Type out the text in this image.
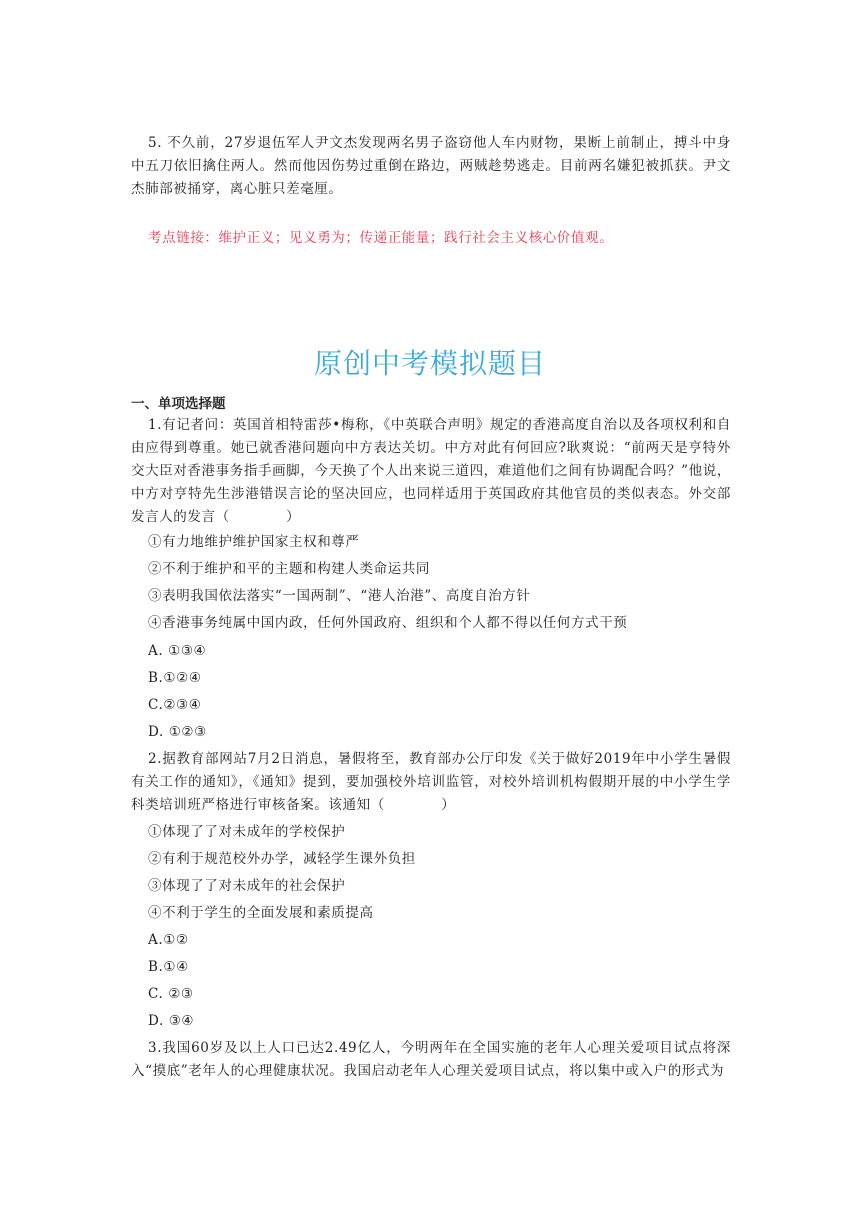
5. 不久前，27岁退伍军人尹文杰发现两名男子盗窃他人车内财物，果断上前制止，搏斗中身中五刀依旧擒住两人。然而他因伤势过重倒在路边，两贼趁势逃走。目前两名嫌犯被抓获。尹文杰肺部被捅穿，离心脏只差毫厘。
考点链接：维护正义；见义勇为；传递正能量；践行社会主义核心价值观。
原创中考模拟题目
一、单项选择题
1.有记者问：英国首相特雷莎•梅称，《中英联合声明》规定的香港高度自治以及各项权利和自由应得到尊重。她已就香港问题向中方表达关切。中方对此有何回应?耿爽说：“前两天是亨特外交大臣对香港事务指手画脚，今天换了个人出来说三道四，难道他们之间有协调配合吗？”他说，中方对亨特先生涉港错误言论的坚决回应，也同样适用于英国政府其他官员的类似表态。外交部发言人的发言（　　　　）
①有力地维护维护国家主权和尊严
②不利于维护和平的主题和构建人类命运共同
③表明我国依法落实“一国两制”、“港人治港”、高度自治方针
④香港事务纯属中国内政，任何外国政府、组织和个人都不得以任何方式干预
A. ①③④
B.①②④
C.②③④
D. ①②③
2.据教育部网站7月2日消息，暑假将至，教育部办公厅印发《关于做好2019年中小学生暑假有关工作的通知》，《通知》提到，要加强校外培训监管，对校外培训机构假期开展的中小学生学科类培训班严格进行审核备案。该通知（　　　　）
①体现了了对未成年的学校保护
②有利于规范校外办学，减轻学生课外负担
③体现了了对未成年的社会保护
④不利于学生的全面发展和素质提高
A.①②
B.①④
C. ②③
D. ③④
3.我国60岁及以上人口已达2.49亿人，今明两年在全国实施的老年人心理关爱项目试点将深入“摸底”老年人的心理健康状况。我国启动老年人心理关爱项目试点，将以集中或入户的形式为
